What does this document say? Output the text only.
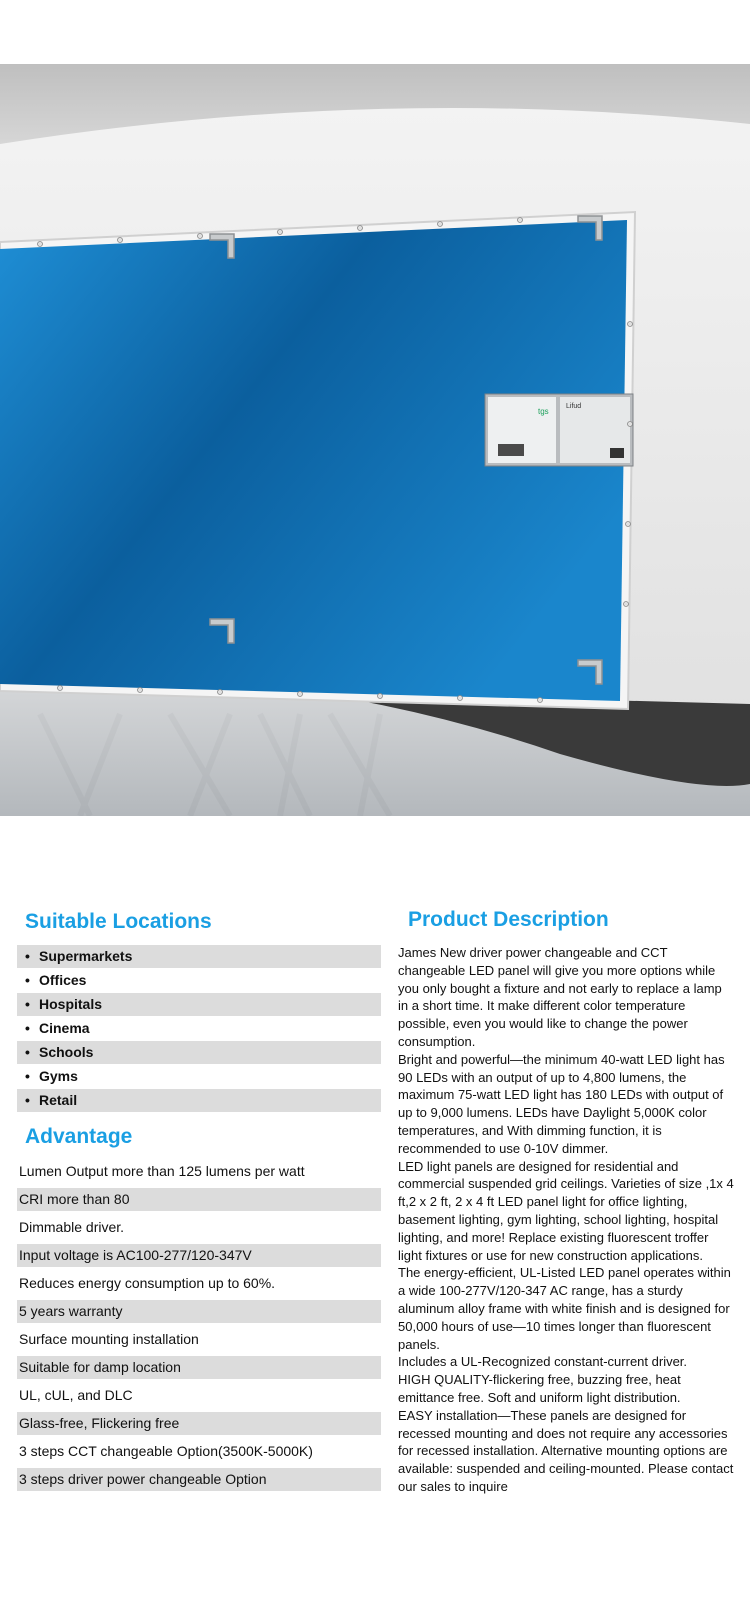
Lifud
tgs
Suitable Locations
• Supermarkets
• Offices
• Hospitals
• Cinema
• Schools
• Gyms
• Retail
Advantage
Lumen Output more than 125 lumens per watt
CRI more than 80
Dimmable driver.
Input voltage is AC100-277/120-347V
Reduces energy consumption up to 60%.
5 years warranty
Surface mounting installation
Suitable for damp location
UL, cUL, and DLC
Glass-free, Flickering free
3 steps CCT changeable Option(3500K-5000K)
3 steps driver power changeable Option
Product Description

James New driver power changeable and CCT changeable LED panel will give you more options while you only bought a fixture and not early to replace a lamp in a short time. It make different color temperature possible, even you would like to change the power consumption.

Bright and powerful—the minimum 40-watt LED light has 90 LEDs with an output of up to 4,800 lumens, the maximum 75-watt LED light has 180 LEDs with output of up to 9,000 lumens. LEDs have Daylight 5,000K color temperatures, and With dimming function, it is recommended to use 0-10V dimmer.

LED light panels are designed for residential and commercial suspended grid ceilings. Varieties of size ,1x 4 ft,2 x 2 ft, 2 x 4 ft LED panel light for office lighting, basement lighting, gym lighting, school lighting, hospital lighting, and more! Replace existing fluorescent troffer light fixtures or use for new construction applications.

The energy-efficient, UL-Listed LED panel operates within a wide 100-277V/120-347 AC range, has a sturdy aluminum alloy frame with white finish and is designed for 50,000 hours of use—10 times longer than fluorescent panels.

Includes a UL-Recognized constant-current driver.

HIGH QUALITY-flickering free, buzzing free, heat emittance free. Soft and uniform light distribution.

EASY installation—These panels are designed for recessed mounting and does not require any accessories for recessed installation. Alternative mounting options are available: suspended and ceiling-mounted. Please contact our sales to inquire
